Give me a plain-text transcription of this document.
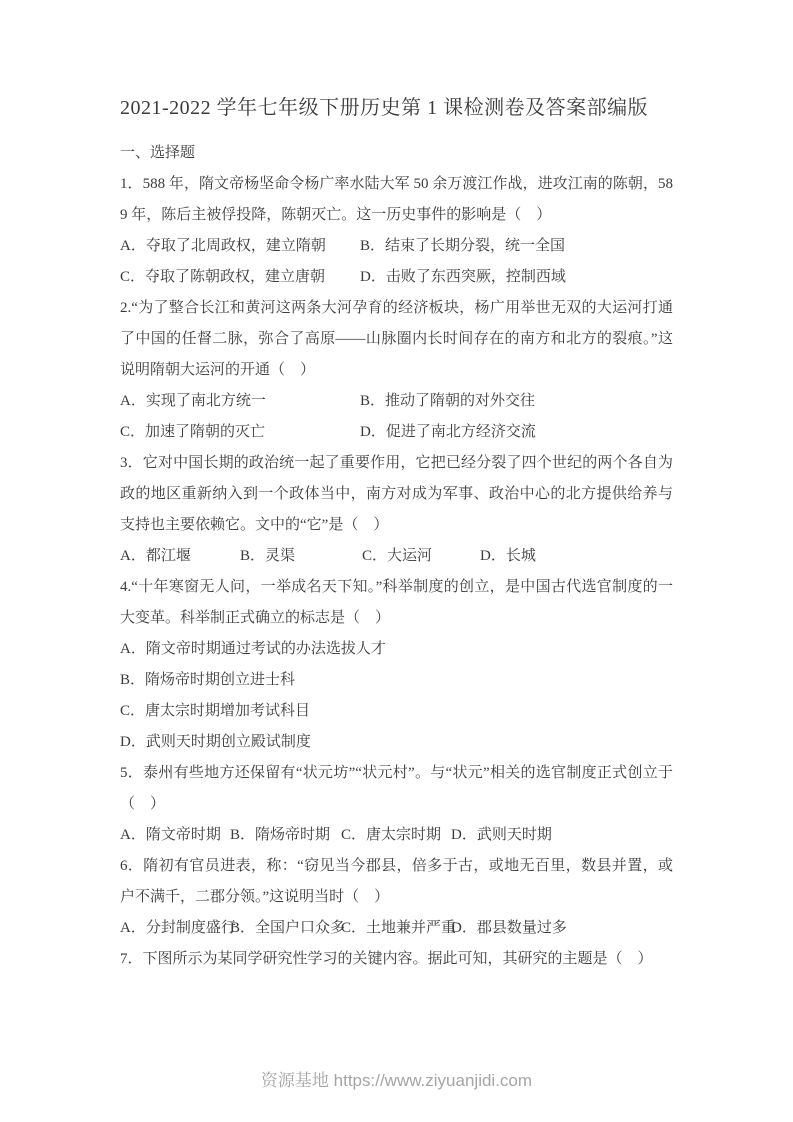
2021-2022 学年七年级下册历史第 1 课检测卷及答案部编版

一、选择题

1．588 年，隋文帝杨坚命令杨广率水陆大军 50 余万渡江作战，进攻江南的陈朝，589 年，陈后主被俘投降，陈朝灭亡。这一历史事件的影响是（　）

A．夺取了北周政权，建立隋朝	B．结束了长期分裂，统一全国
C．夺取了陈朝政权，建立唐朝	D．击败了东西突厥，控制西域

2.“为了整合长江和黄河这两条大河孕育的经济板块，杨广用举世无双的大运河打通了中国的任督二脉，弥合了高原——山脉圈内长时间存在的南方和北方的裂痕。”这说明隋朝大运河的开通（　）

A．实现了南北方统一	B．推动了隋朝的对外交往
C．加速了隋朝的灭亡	D．促进了南北方经济交流

3．它对中国长期的政治统一起了重要作用，它把已经分裂了四个世纪的两个各自为政的地区重新纳入到一个政体当中，南方对成为军事、政治中心的北方提供给养与支持也主要依赖它。文中的“它”是（　）

A．都江堰	B．灵渠	C．大运河	D．长城

4.“十年寒窗无人问，一举成名天下知。”科举制度的创立，是中国古代选官制度的一大变革。科举制正式确立的标志是（　）

A．隋文帝时期通过考试的办法选拔人才
B．隋炀帝时期创立进士科
C．唐太宗时期增加考试科目
D．武则天时期创立殿试制度

5．泰州有些地方还保留有“状元坊”“状元村”。与“状元”相关的选官制度正式创立于（　）

A．隋文帝时期 B．隋炀帝时期 C．唐太宗时期 D．武则天时期

6．隋初有官员进表，称：“窃见当今郡县，倍多于古，或地无百里，数县并置，或户不满千，二郡分领。”这说明当时（　）

A．分封制度盛行
B．全国户口众多
C．土地兼并严重
D．郡县数量过多

7．下图所示为某同学研究性学习的关键内容。据此可知，其研究的主题是（　）

资源基地 https://www.ziyuanjidi.com
